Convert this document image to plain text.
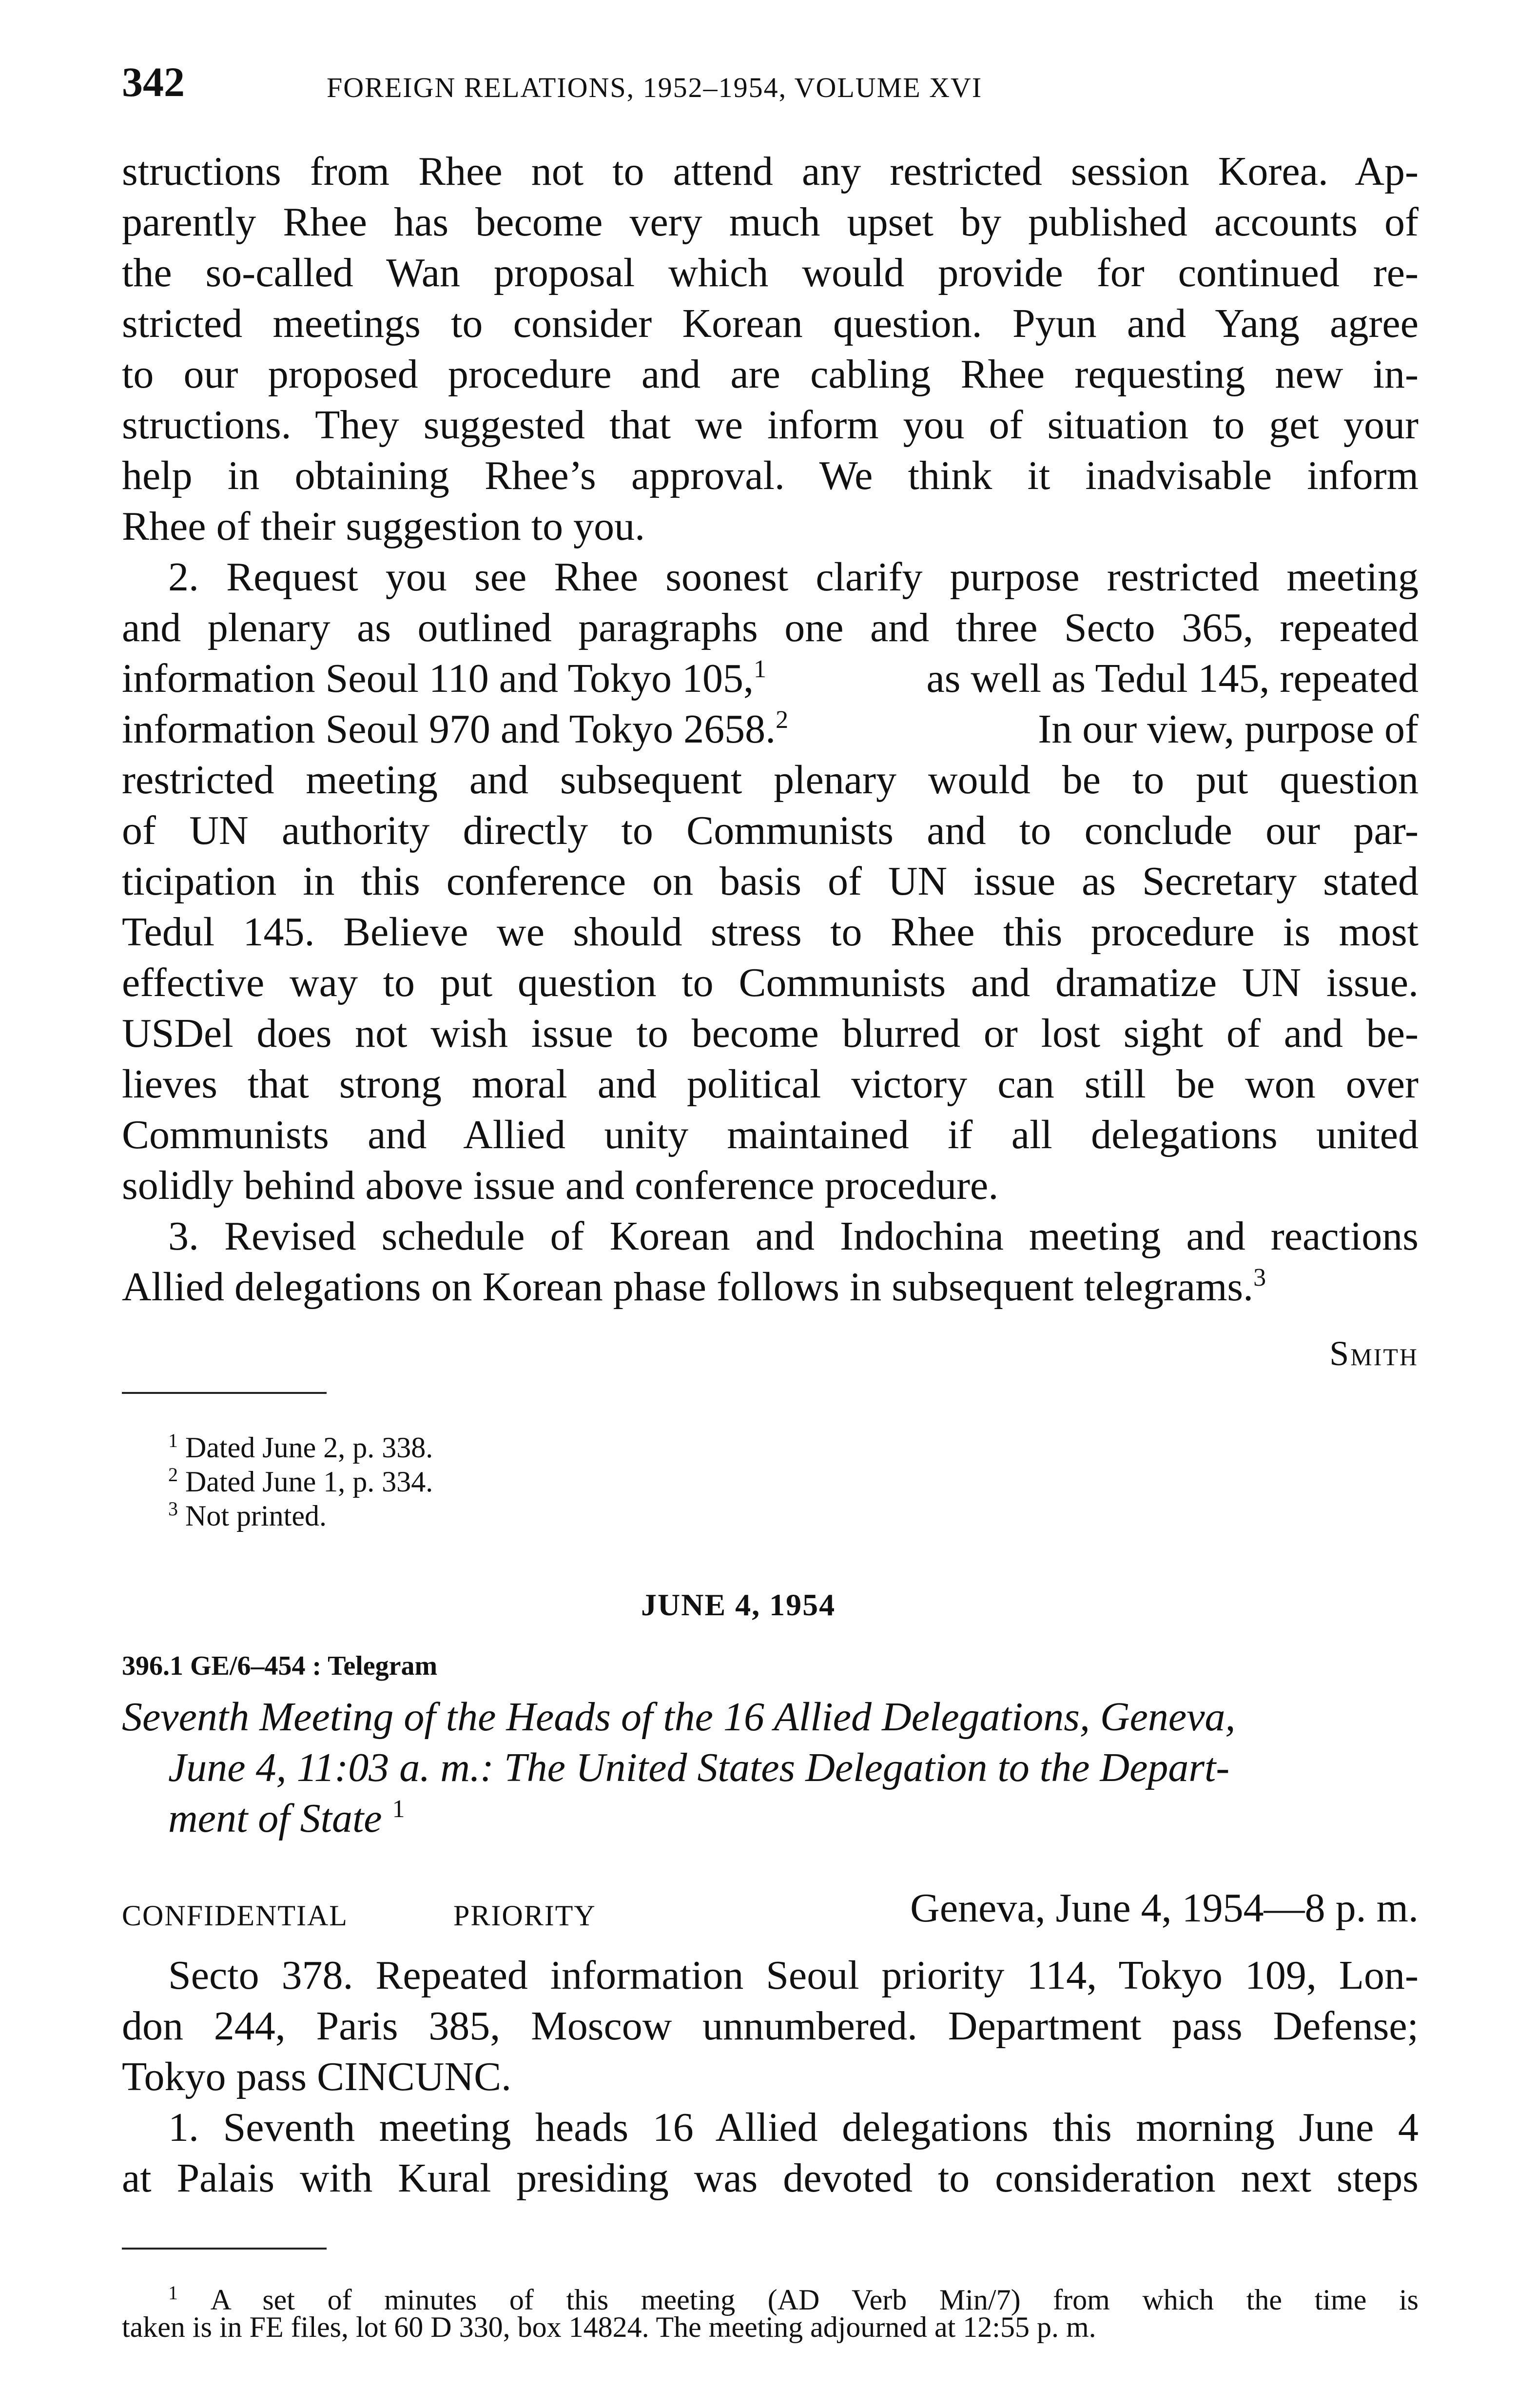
342	FOREIGN RELATIONS, 1952–1954, VOLUME XVI
structions from Rhee not to attend any restricted session Korea. Ap-
parently Rhee has become very much upset by published accounts of
the so-called Wan proposal which would provide for continued re-
stricted meetings to consider Korean question. Pyun and Yang agree
to our proposed procedure and are cabling Rhee requesting new in-
structions. They suggested that we inform you of situation to get your
help in obtaining Rhee’s approval. We think it inadvisable inform
Rhee of their suggestion to you.
2. Request you see Rhee soonest clarify purpose restricted meeting
and plenary as outlined paragraphs one and three Secto 365, repeated
information Seoul 110 and Tokyo 105,$^1$	as well as Tedul 145, repeated
information Seoul 970 and Tokyo 2658.$^2$	In our view, purpose of
restricted meeting and subsequent plenary would be to put question
of UN authority directly to Communists and to conclude our par-
ticipation in this conference on basis of UN issue as Secretary stated
Tedul 145. Believe we should stress to Rhee this procedure is most
effective way to put question to Communists and dramatize UN issue.
USDel does not wish issue to become blurred or lost sight of and be-
lieves that strong moral and political victory can still be won over
Communists and Allied unity maintained if all delegations united
solidly behind above issue and conference procedure.
3. Revised schedule of Korean and Indochina meeting and reactions
Allied delegations on Korean phase follows in subsequent telegrams.$^3$
Smith
$^1$ Dated June 2, p. 338.
$^2$ Dated June 1, p. 334.
$^3$ Not printed.
JUNE 4, 1954
396.1 GE/6–454 : Telegram
Seventh Meeting of the Heads of the 16 Allied Delegations, Geneva,
June 4, 11:03 a. m.: The United States Delegation to the Depart-
ment of State $^1$
CONFIDENTIAL	PRIORITY	Geneva, June 4, 1954—8 p. m.
Secto 378. Repeated information Seoul priority 114, Tokyo 109, Lon-
don 244, Paris 385, Moscow unnumbered. Department pass Defense;
Tokyo pass CINCUNC.
1. Seventh meeting heads 16 Allied delegations this morning June 4
at Palais with Kural presiding was devoted to consideration next steps
$^1$ A set of minutes of this meeting (AD Verb Min/7) from which the time is
taken is in FE files, lot 60 D 330, box 14824. The meeting adjourned at 12:55 p. m.
